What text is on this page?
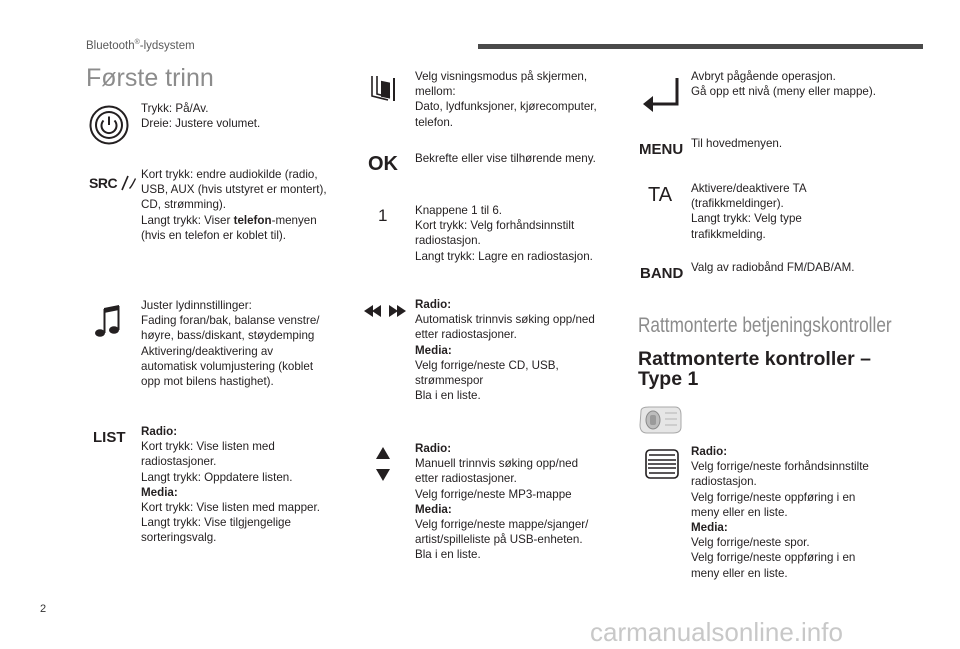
Bluetooth®-lydsystem
Første trinn
Trykk: På/Av.
Dreie: Justere volumet.
SRC
Kort trykk: endre audiokilde (radio,
USB, AUX (hvis utstyret er montert),
CD, strømming).
Langt trykk: Viser telefon-menyen
(hvis en telefon er koblet til).
Juster lydinnstillinger:
Fading foran/bak, balanse venstre/
høyre, bass/diskant, støydemping
Aktivering/deaktivering av
automatisk volumjustering (koblet
opp mot bilens hastighet).
LIST Radio:
Kort trykk: Vise listen med
radiostasjoner.
Langt trykk: Oppdatere listen.
Media:
Kort trykk: Vise listen med mapper.
Langt trykk: Vise tilgjengelige
sorteringsvalg.
Velg visningsmodus på skjermen,
mellom:
Dato, lydfunksjoner, kjørecomputer,
telefon.
OK Bekrefte eller vise tilhørende meny.
1 Knappene 1 til 6.
Kort trykk: Velg forhåndsinnstilt
radiostasjon.
Langt trykk: Lagre en radiostasjon.
Radio:
Automatisk trinnvis søking opp/ned
etter radiostasjoner.
Media:
Velg forrige/neste CD, USB,
strømmespor
Bla i en liste.
Radio:
Manuell trinnvis søking opp/ned
etter radiostasjoner.
Velg forrige/neste MP3-mappe
Media:
Velg forrige/neste mappe/sjanger/
artist/spilleliste på USB-enheten.
Bla i en liste.
Avbryt pågående operasjon.
Gå opp ett nivå (meny eller mappe).
MENU Til hovedmenyen.
TA Aktivere/deaktivere TA
(trafikkmeldinger).
Langt trykk: Velg type
trafikkmelding.
BAND Valg av radiobånd FM/DAB/AM.
Rattmonterte betjeningskontroller
Rattmonterte kontroller –
Type 1
Radio:
Velg forrige/neste forhåndsinnstilte
radiostasjon.
Velg forrige/neste oppføring i en
meny eller en liste.
Media:
Velg forrige/neste spor.
Velg forrige/neste oppføring i en
meny eller en liste.
2
carmanualsonline.info
